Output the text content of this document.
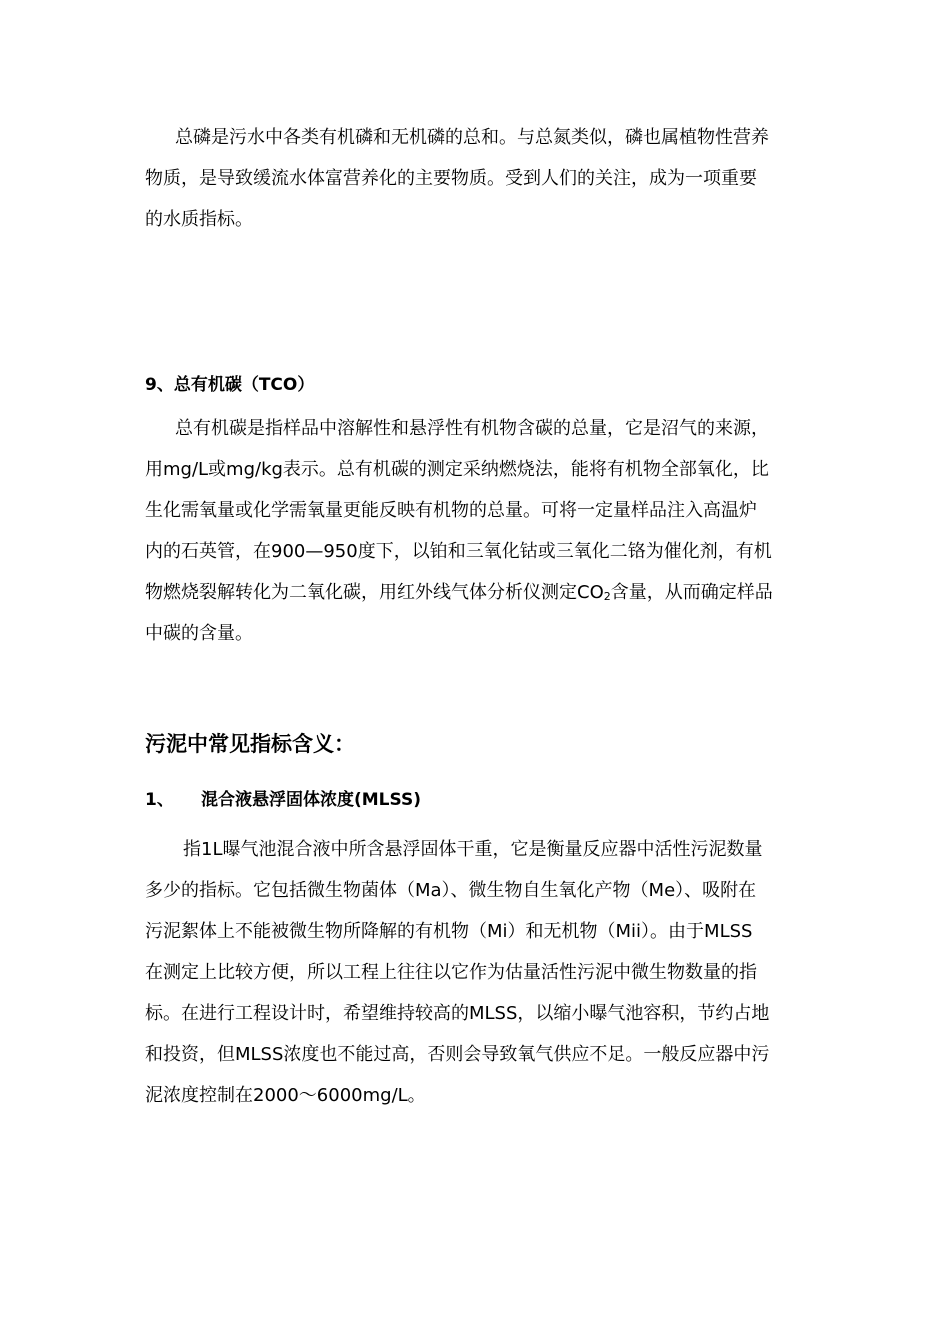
总磷是污水中各类有机磷和无机磷的总和。与总氮类似，磷也属植物性营养
物质，是导致缓流水体富营养化的主要物质。受到人们的关注，成为一项重要
的水质指标。
9、总有机碳（TCO）
总有机碳是指样品中溶解性和悬浮性有机物含碳的总量，它是沼气的来源，
用mg/L或mg/kg表示。总有机碳的测定采纳燃烧法，能将有机物全部氧化，比
生化需氧量或化学需氧量更能反映有机物的总量。可将一定量样品注入高温炉
内的石英管，在900—950度下，以铂和三氧化钴或三氧化二铬为催化剂，有机
物燃烧裂解转化为二氧化碳，用红外线气体分析仪测定$CO_2$含量，从而确定样品
中碳的含量。
污泥中常见指标含义：
1、 混合液悬浮固体浓度(MLSS)
指1L曝气池混合液中所含悬浮固体干重，它是衡量反应器中活性污泥数量
多少的指标。它包括微生物菌体（Ma）、微生物自生氧化产物（Me）、吸附在
污泥絮体上不能被微生物所降解的有机物（Mi）和无机物（Mii）。由于MLSS
在测定上比较方便，所以工程上往往以它作为估量活性污泥中微生物数量的指
标。在进行工程设计时，希望维持较高的MLSS，以缩小曝气池容积，节约占地
和投资，但MLSS浓度也不能过高，否则会导致氧气供应不足。一般反应器中污
泥浓度控制在2000～6000mg/L。
